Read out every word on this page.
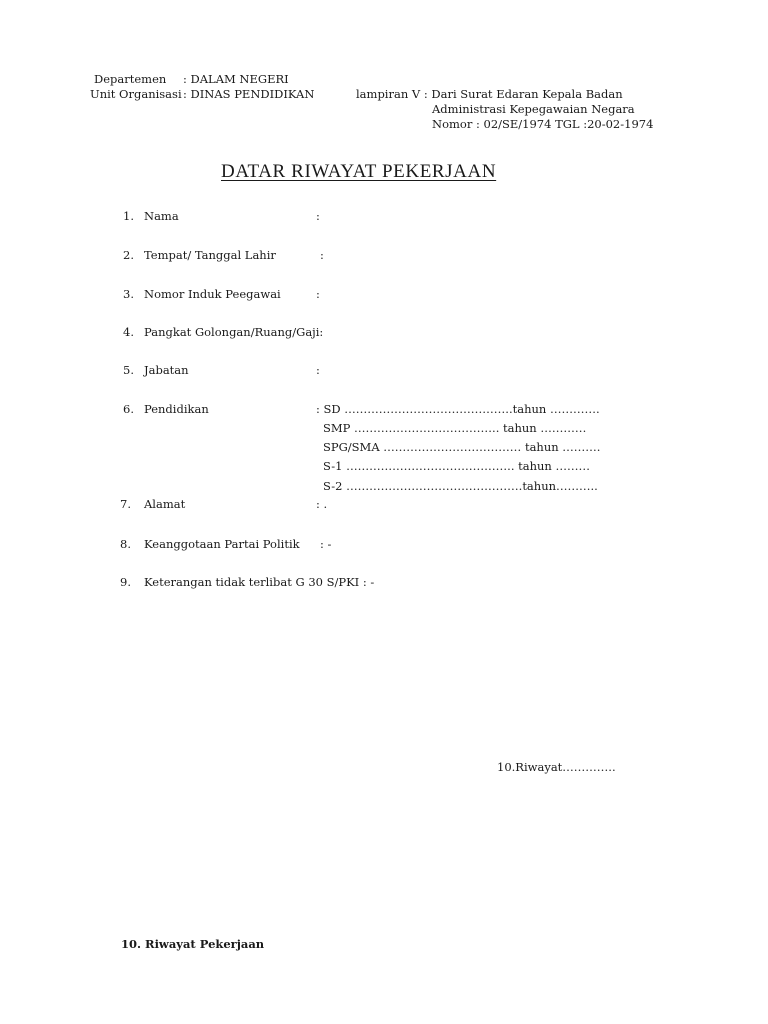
Departemen : DALAM NEGERI
Unit Organisasi : DINAS PENDIDIKAN	lampiran V : Dari Surat Edaran Kepala Badan
Administrasi Kepegawaian Negara
Nomor : 02/SE/1974 TGL :20-02-1974
DATAR RIWAYAT PEKERJAAN
1. Nama	:
2. Tempat/ Tanggal Lahir	:
3. Nomor Induk Peegawai	:
4. Pangkat Golongan/Ruang/Gaji:
5. Jabatan	:
6. Pendidikan	: SD ……………………………………..tahun ………….
SMP ……………………………….. tahun …………
SPG/SMA ……………………………… tahun ……….
S-1 …………………………………….. tahun ………
S-2 ……………………………………….tahun………..
7. Alamat	: .
8. Keanggotaan Partai Politik : -
9. Keterangan tidak terlibat G 30 S/PKI : -
10.Riwayat…………..
10. Riwayat Pekerjaan
